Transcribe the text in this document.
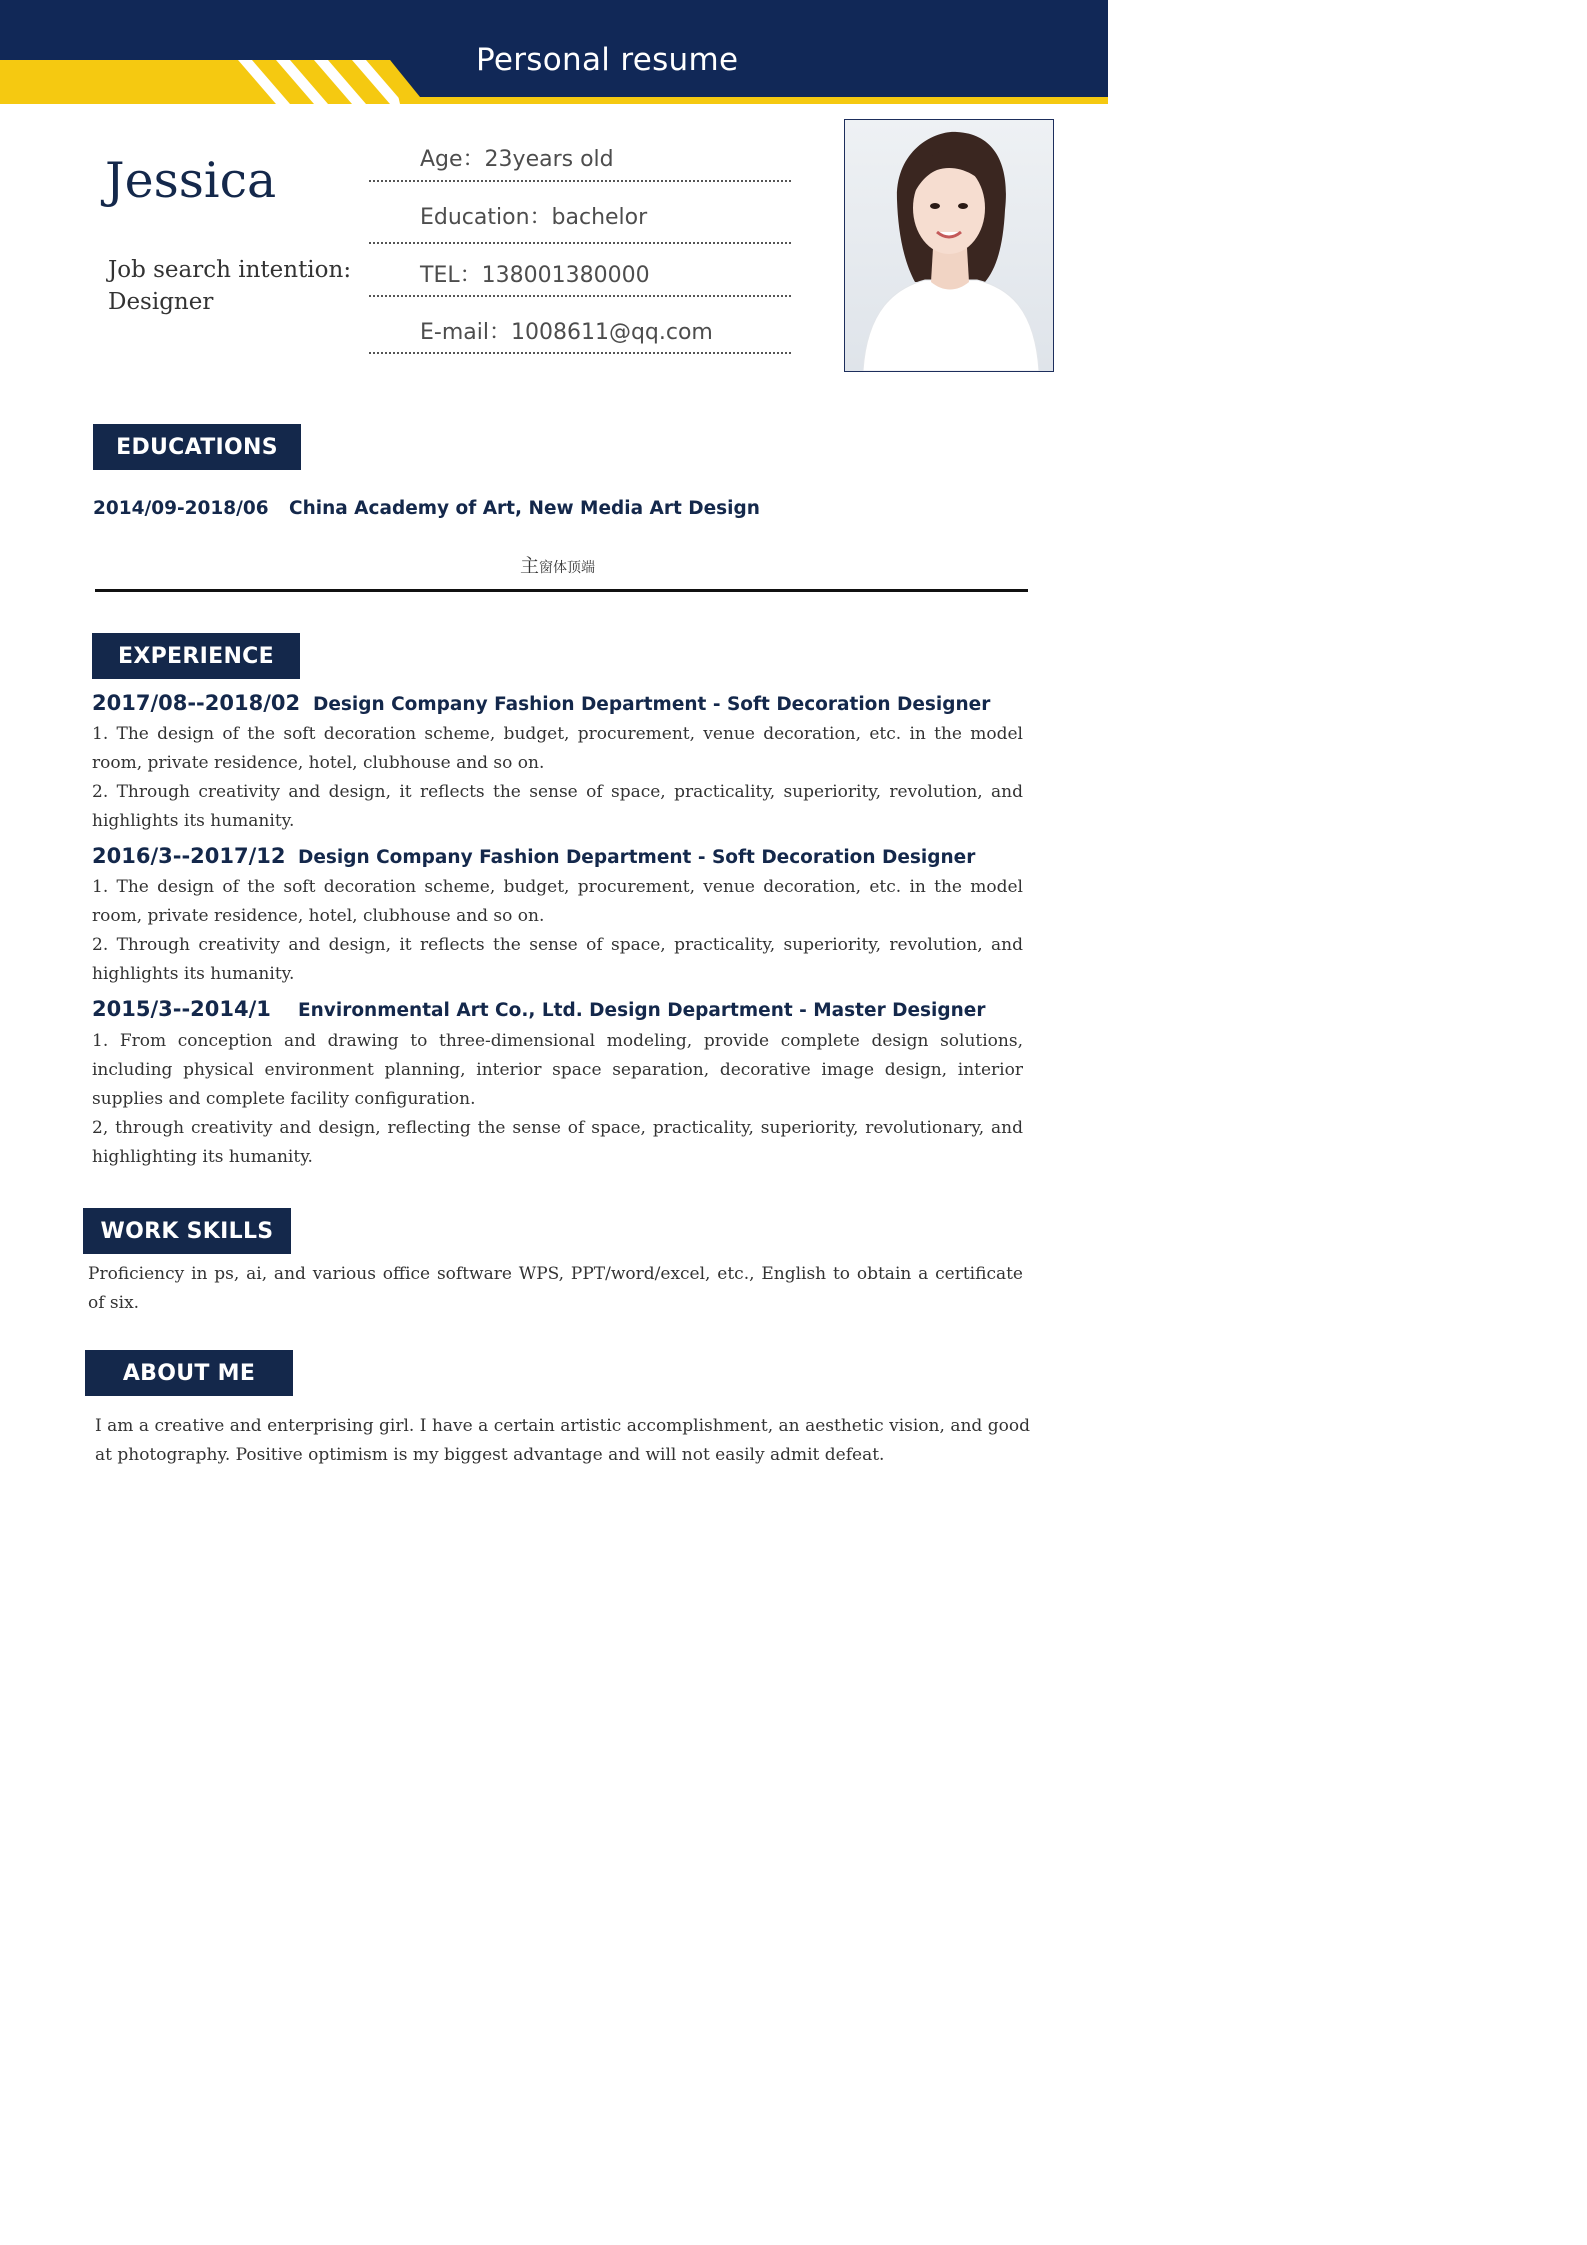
Personal resume
Jessica
Job search intention:
Designer
Age：23years old
Education：bachelor
TEL：138001380000
E-mail：1008611@qq.com
EDUCATIONS
2014/09-2018/06 China Academy of Art, New Media Art Design
主窗体顶端
EXPERIENCE
2017/08--2018/02 Design Company Fashion Department - Soft Decoration Designer
1. The design of the soft decoration scheme, budget, procurement, venue decoration, etc. in the model room, private residence, hotel, clubhouse and so on.
2. Through creativity and design, it reflects the sense of space, practicality, superiority, revolution, and highlights its humanity.
2016/3--2017/12 Design Company Fashion Department - Soft Decoration Designer
1. The design of the soft decoration scheme, budget, procurement, venue decoration, etc. in the model room, private residence, hotel, clubhouse and so on.
2. Through creativity and design, it reflects the sense of space, practicality, superiority, revolution, and highlights its humanity.
2015/3--2014/1 Environmental Art Co., Ltd. Design Department - Master Designer
1. From conception and drawing to three-dimensional modeling, provide complete design solutions, including physical environment planning, interior space separation, decorative image design, interior supplies and complete facility configuration.
2, through creativity and design, reflecting the sense of space, practicality, superiority, revolutionary, and highlighting its humanity.
WORK SKILLS
Proficiency in ps, ai, and various office software WPS, PPT/word/excel, etc., English to obtain a certificate of six.
ABOUT ME
I am a creative and enterprising girl. I have a certain artistic accomplishment, an aesthetic vision, and good at photography. Positive optimism is my biggest advantage and will not easily admit defeat.
